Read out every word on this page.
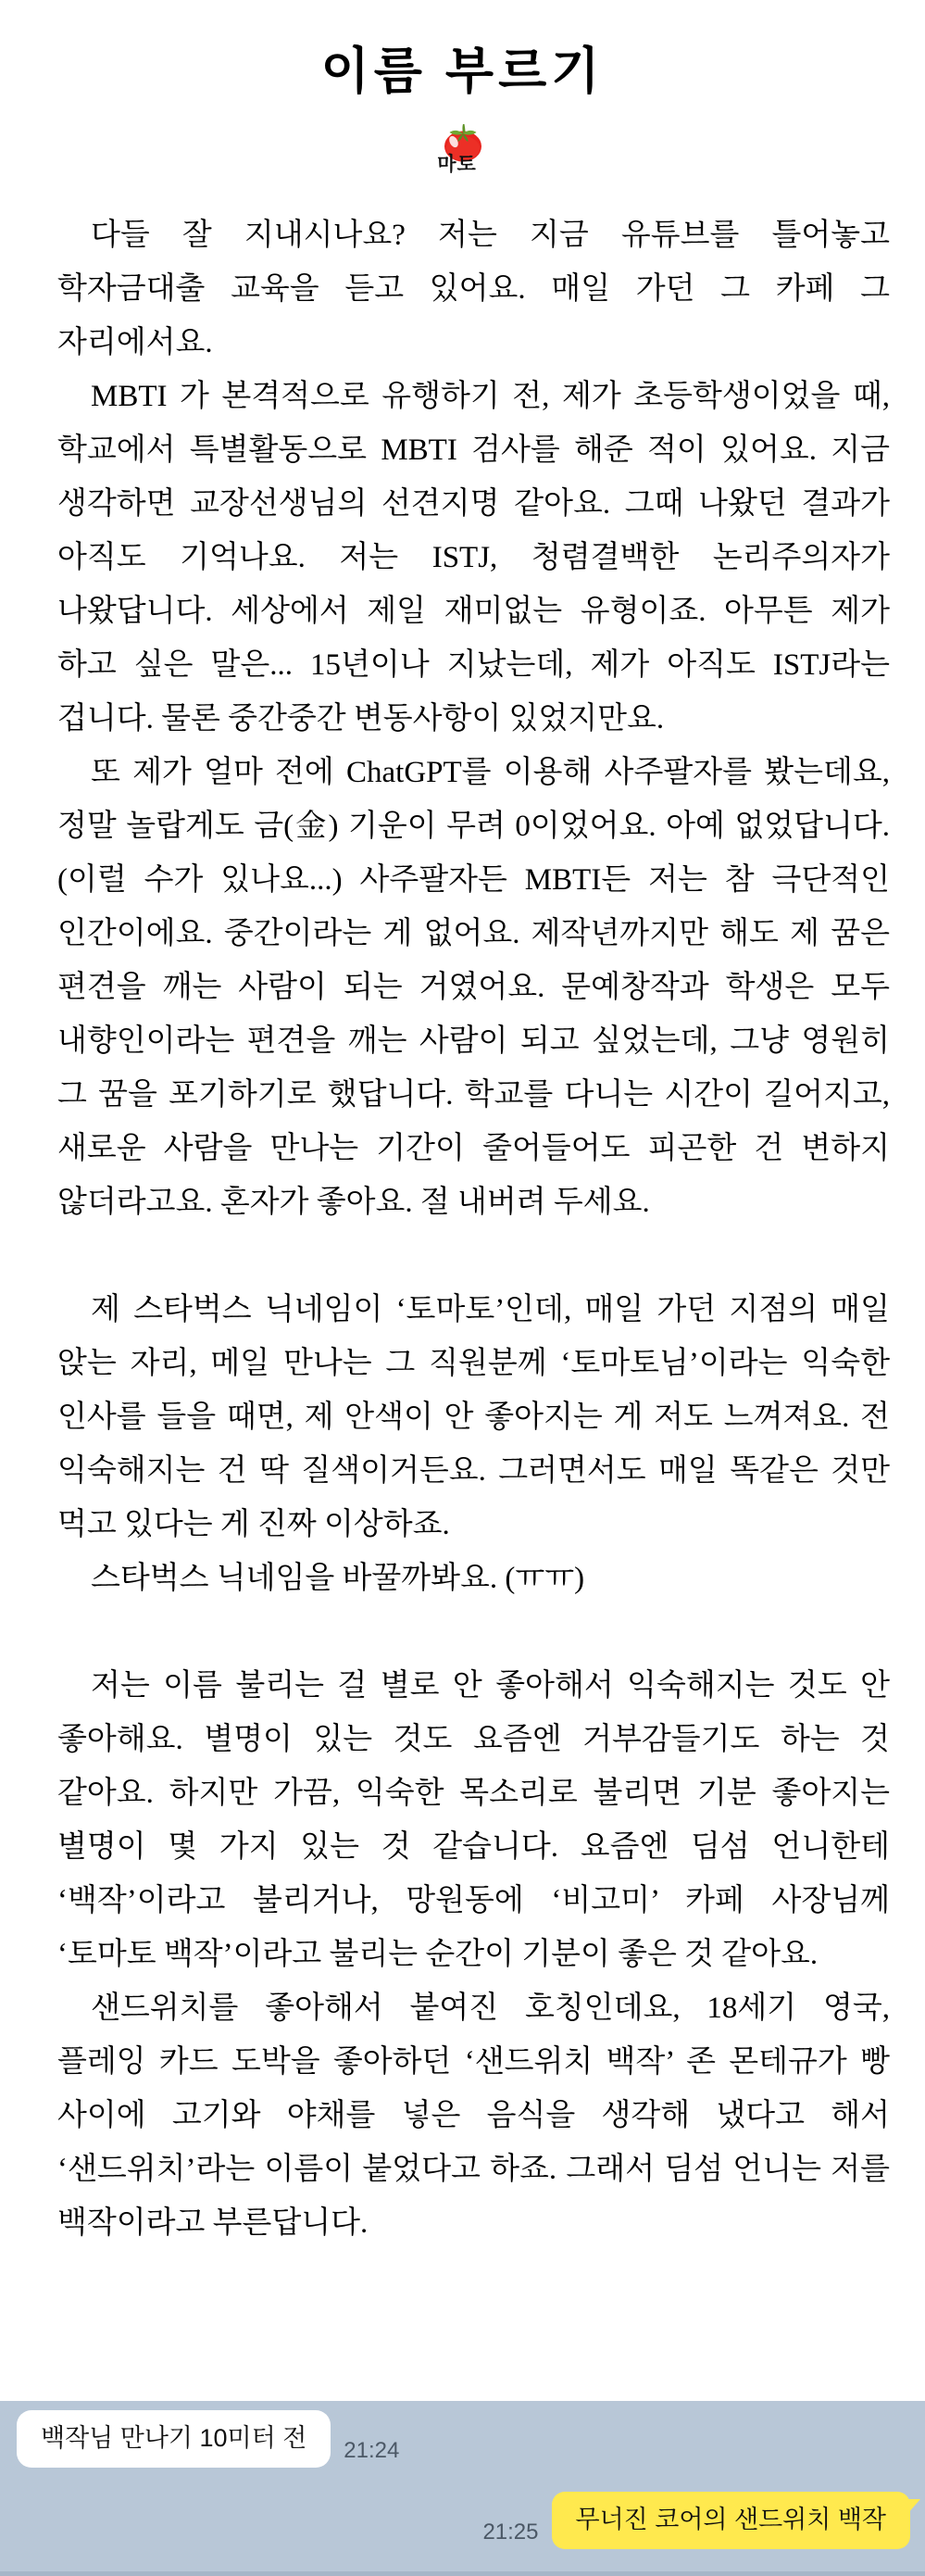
이름 부르기
마토

다들 잘 지내시나요? 저는 지금 유튜브를 틀어놓고 학자금대출 교육을 듣고 있어요. 매일 가던 그 카페 그 자리에서요.

MBTI 가 본격적으로 유행하기 전, 제가 초등학생이었을 때, 학교에서 특별활동으로 MBTI 검사를 해준 적이 있어요. 지금 생각하면 교장선생님의 선견지명 같아요. 그때 나왔던 결과가 아직도 기억나요. 저는 ISTJ, 청렴결백한 논리주의자가 나왔답니다. 세상에서 제일 재미없는 유형이죠. 아무튼 제가 하고 싶은 말은... 15년이나 지났는데, 제가 아직도 ISTJ라는 겁니다. 물론 중간중간 변동사항이 있었지만요.

또 제가 얼마 전에 ChatGPT를 이용해 사주팔자를 봤는데요, 정말 놀랍게도 금(金) 기운이 무려 0이었어요. 아예 없었답니다. (이럴 수가 있나요...) 사주팔자든 MBTI든 저는 참 극단적인 인간이에요. 중간이라는 게 없어요. 제작년까지만 해도 제 꿈은 편견을 깨는 사람이 되는 거였어요. 문예창작과 학생은 모두 내향인이라는 편견을 깨는 사람이 되고 싶었는데, 그냥 영원히 그 꿈을 포기하기로 했답니다. 학교를 다니는 시간이 길어지고, 새로운 사람을 만나는 기간이 줄어들어도 피곤한 건 변하지 않더라고요. 혼자가 좋아요. 절 내버려 두세요.

제 스타벅스 닉네임이 ‘토마토’인데, 매일 가던 지점의 매일 앉는 자리, 메일 만나는 그 직원분께 ‘토마토님’이라는 익숙한 인사를 들을 때면, 제 안색이 안 좋아지는 게 저도 느껴져요. 전 익숙해지는 건 딱 질색이거든요. 그러면서도 매일 똑같은 것만 먹고 있다는 게 진짜 이상하죠.

스타벅스 닉네임을 바꿀까봐요. (ㅠㅠ)

저는 이름 불리는 걸 별로 안 좋아해서 익숙해지는 것도 안 좋아해요. 별명이 있는 것도 요즘엔 거부감들기도 하는 것 같아요. 하지만 가끔, 익숙한 목소리로 불리면 기분 좋아지는 별명이 몇 가지 있는 것 같습니다. 요즘엔 딤섬 언니한테 ‘백작’이라고 불리거나, 망원동에 ‘비고미’ 카페 사장님께 ‘토마토 백작’이라고 불리는 순간이 기분이 좋은 것 같아요.

샌드위치를 좋아해서 붙여진 호칭인데요, 18세기 영국, 플레잉 카드 도박을 좋아하던 ‘샌드위치 백작’ 존 몬테규가 빵 사이에 고기와 야채를 넣은 음식을 생각해 냈다고 해서 ‘샌드위치’라는 이름이 붙었다고 하죠. 그래서 딤섬 언니는 저를 백작이라고 부른답니다.

백작님 만나기 10미터 전	21:24
21:25	무너진 코어의 샌드위치 백작
